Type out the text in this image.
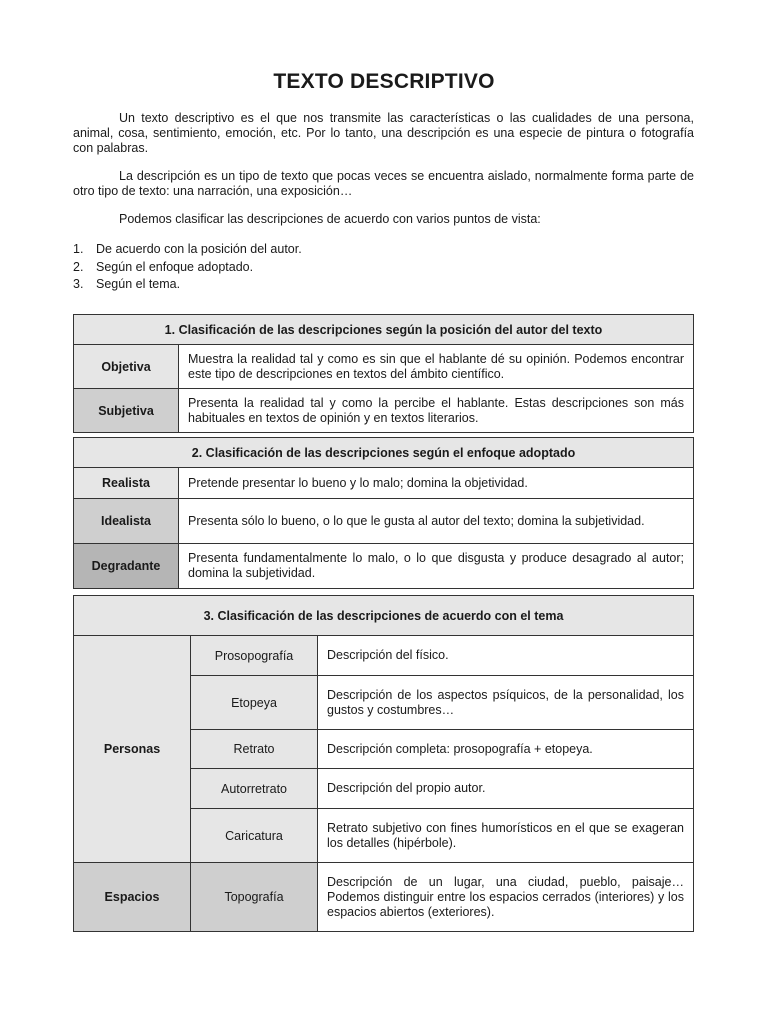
TEXTO DESCRIPTIVO

Un texto descriptivo es el que nos transmite las características o las cualidades de una persona, animal, cosa, sentimiento, emoción, etc. Por lo tanto, una descripción es una especie de pintura o fotografía con palabras.

La descripción es un tipo de texto que pocas veces se encuentra aislado, normalmente forma parte de otro tipo de texto: una narración, una exposición…

Podemos clasificar las descripciones de acuerdo con varios puntos de vista:

1.	De acuerdo con la posición del autor.
2.	Según el enfoque adoptado.
3.	Según el tema.
1. Clasificación de las descripciones según la posición del autor del texto	
Objetiva	Muestra la realidad tal y como es sin que el hablante dé su opinión. Podemos encontrar este tipo de descripciones en textos del ámbito científico.
Subjetiva	Presenta la realidad tal y como la percibe el hablante. Estas descripciones son más habituales en textos de opinión y en textos literarios.
2. Clasificación de las descripciones según el enfoque adoptado	
Realista	Pretende presentar lo bueno y lo malo; domina la objetividad.
Idealista	Presenta sólo lo bueno, o lo que le gusta al autor del texto; domina la subjetividad.
Degradante	Presenta fundamentalmente lo malo, o lo que disgusta y produce desagrado al autor; domina la subjetividad.
3. Clasificación de las descripciones de acuerdo con el tema		
Personas	Prosopografía	Descripción del físico.
	Etopeya	Descripción de los aspectos psíquicos, de la personalidad, los gustos y costumbres…
	Retrato	Descripción completa: prosopografía + etopeya.
	Autorretrato	Descripción del propio autor.
	Caricatura	Retrato subjetivo con fines humorísticos en el que se exageran los detalles (hipérbole).
Espacios	Topografía	Descripción de un lugar, una ciudad, pueblo, paisaje… Podemos distinguir entre los espacios cerrados (interiores) y los espacios abiertos (exteriores).
